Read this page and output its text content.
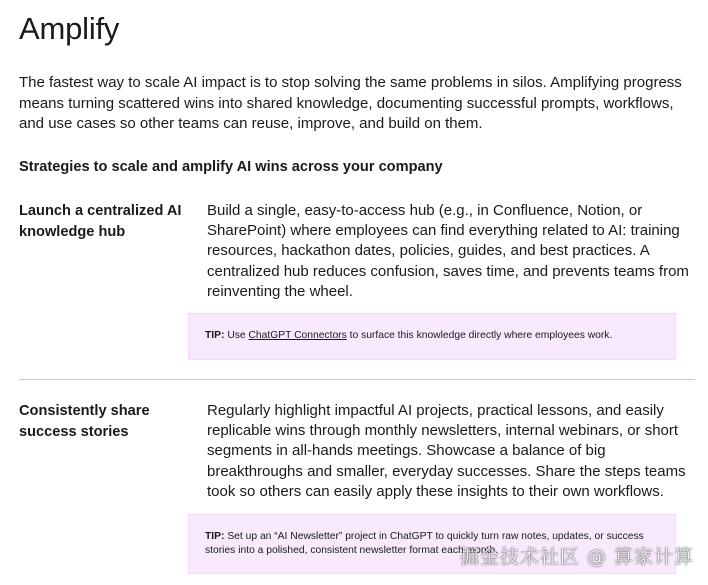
Amplify
The fastest way to scale AI impact is to stop solving the same problems in silos. Amplifying progress means turning scattered wins into shared knowledge, documenting successful prompts, workflows, and use cases so other teams can reuse, improve, and build on them.
Strategies to scale and amplify AI wins across your company
Launch a centralized AI knowledge hub
Build a single, easy-to-access hub (e.g., in Confluence, Notion, or SharePoint) where employees can find everything related to AI: training resources, hackathon dates, policies, guides, and best practices. A centralized hub reduces confusion, saves time, and prevents teams from reinventing the wheel.
TIP: Use ChatGPT Connectors to surface this knowledge directly where employees work.
Consistently share success stories
Regularly highlight impactful AI projects, practical lessons, and easily replicable wins through monthly newsletters, internal webinars, or short segments in all-hands meetings. Showcase a balance of big breakthroughs and smaller, everyday successes. Share the steps teams took so others can easily apply these insights to their own workflows.
TIP: Set up an “AI Newsletter” project in ChatGPT to quickly turn raw notes, updates, or success stories into a polished, consistent newsletter format each month.
掘金技术社区 @ 算家计算
